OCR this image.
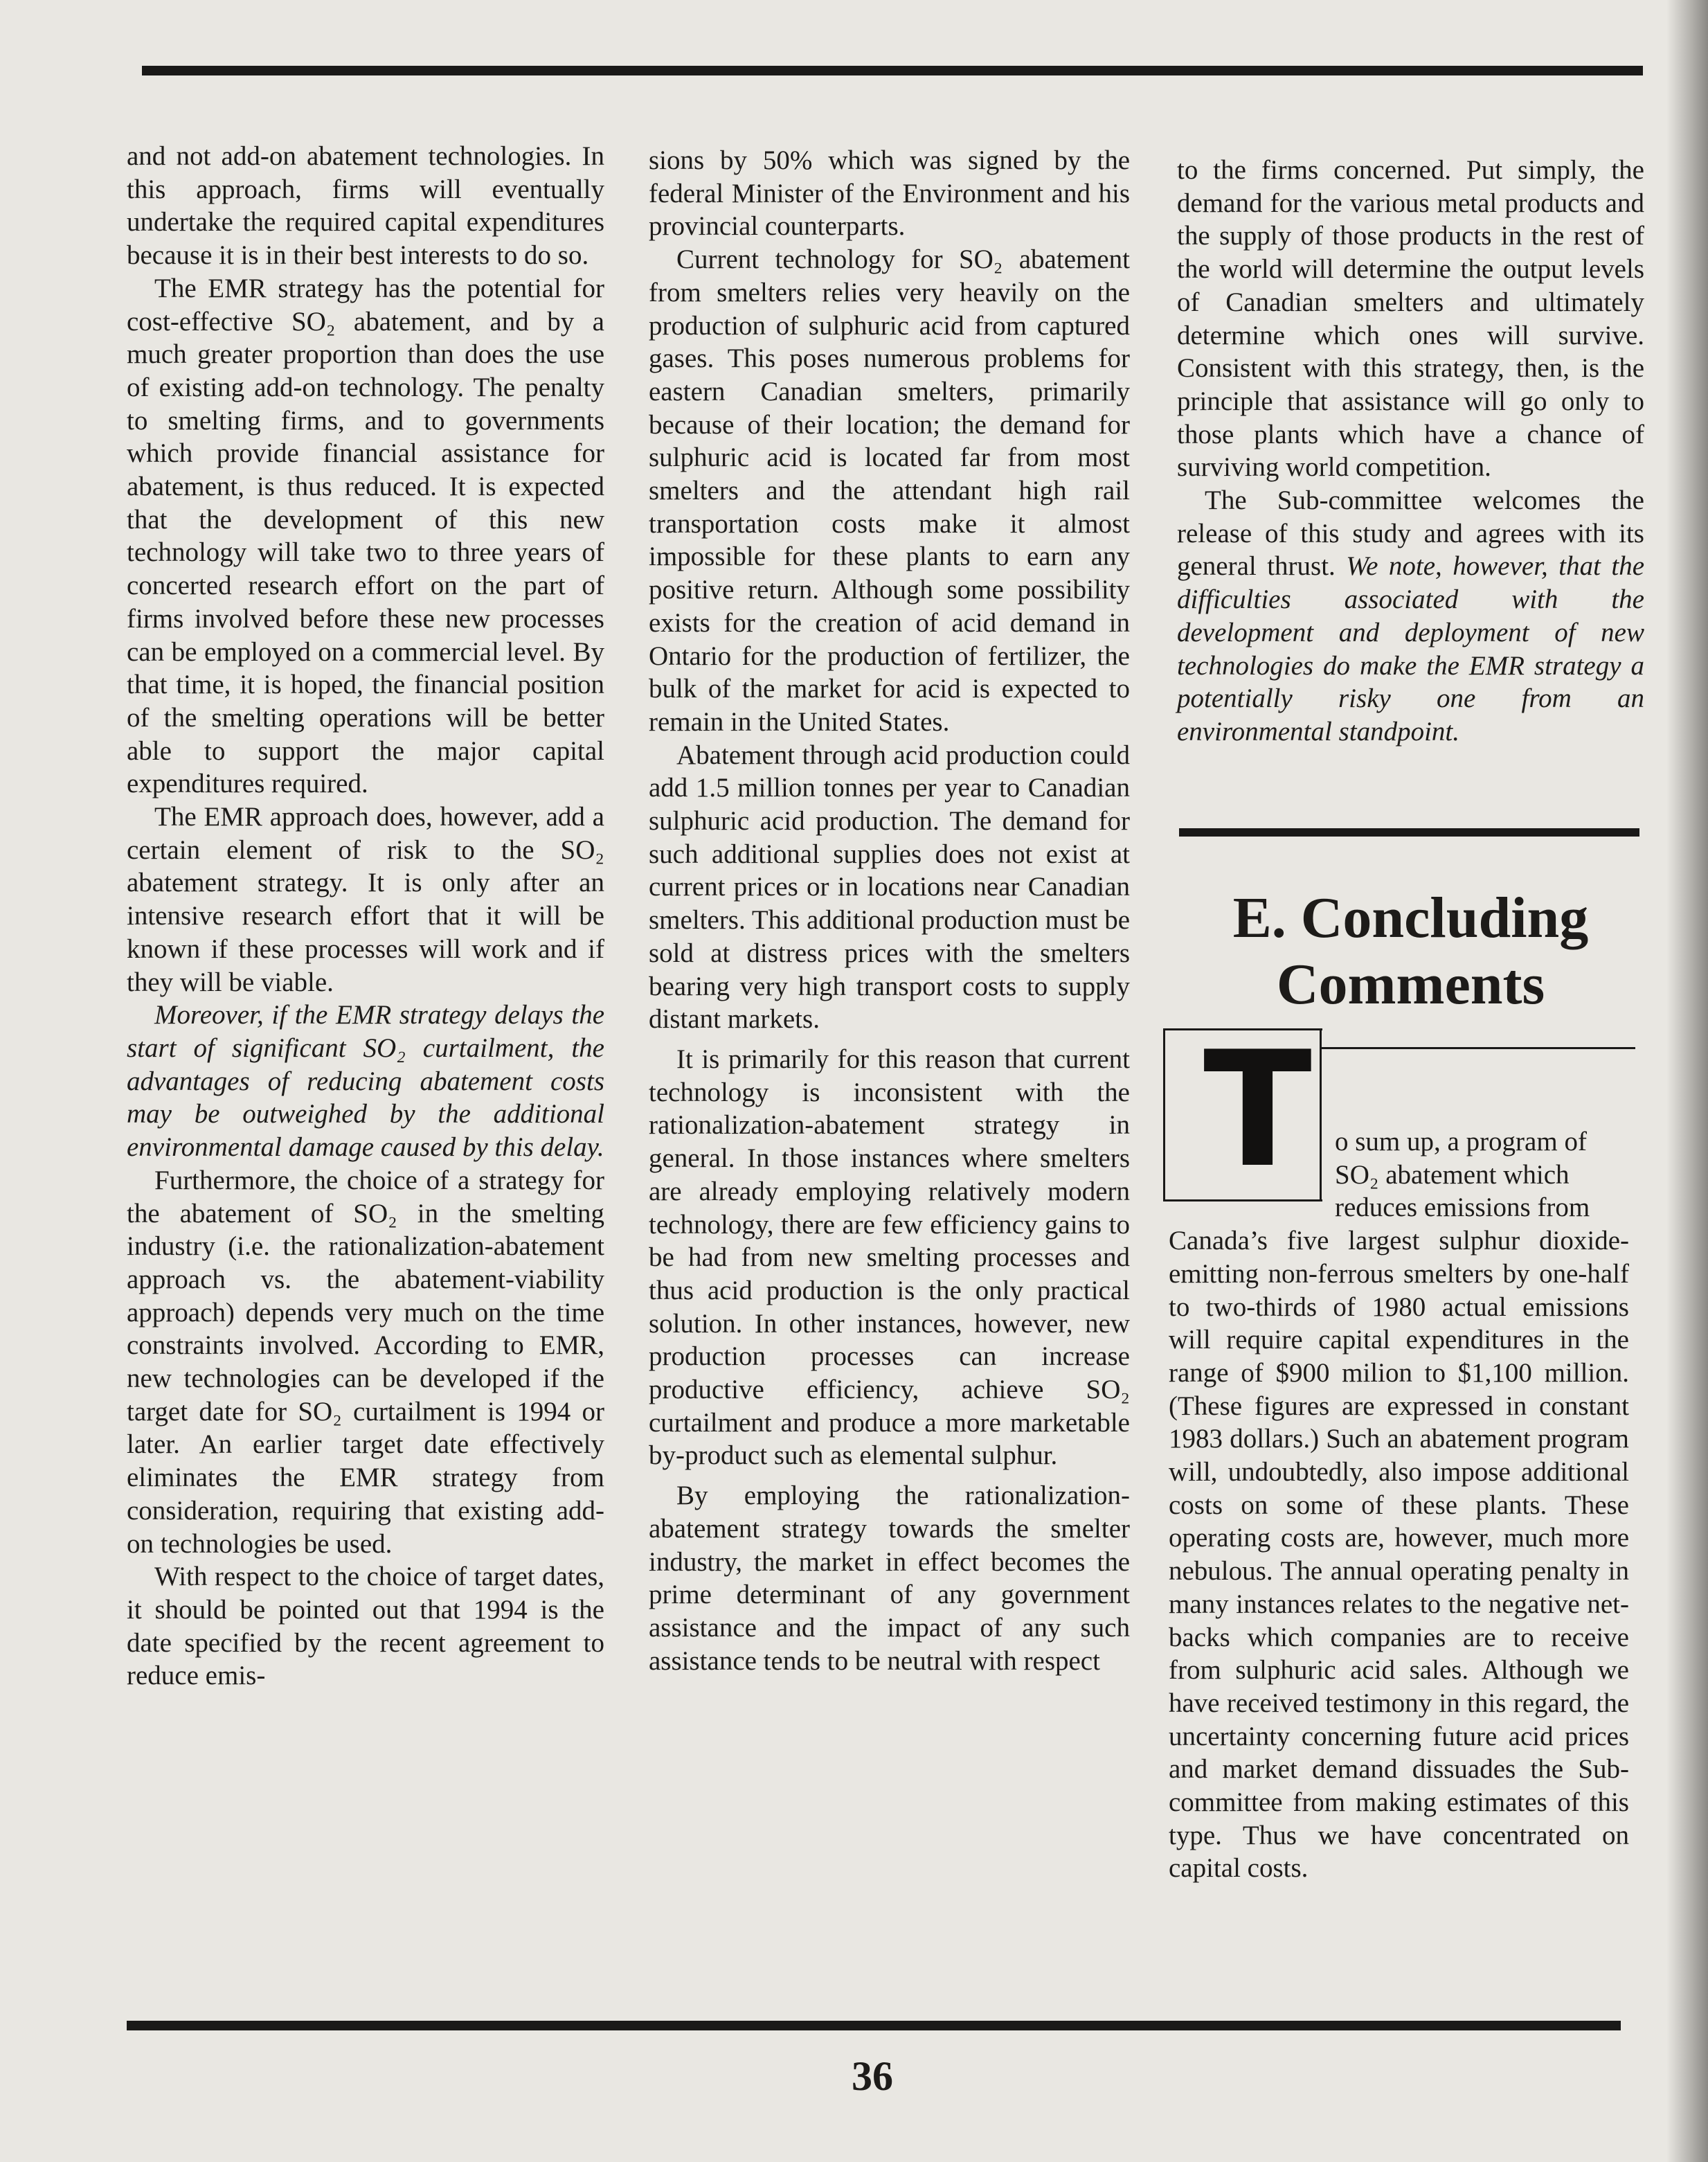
and not add-on abatement technologies. In this approach, firms will eventually undertake the required capital expenditures because it is in their best interests to do so.

The EMR strategy has the potential for cost-effective SO₂ abatement, and by a much greater proportion than does the use of existing add-on technology. The penalty to smelting firms, and to governments which provide financial assistance for abatement, is thus reduced. It is expected that the development of this new technology will take two to three years of concerted research effort on the part of firms involved before these new processes can be employed on a commercial level. By that time, it is hoped, the financial position of the smelting operations will be better able to support the major capital expenditures required.

The EMR approach does, however, add a certain element of risk to the SO₂ abatement strategy. It is only after an intensive research effort that it will be known if these processes will work and if they will be viable.

Moreover, if the EMR strategy delays the start of significant SO₂ curtailment, the advantages of reducing abatement costs may be outweighed by the additional environmental damage caused by this delay.

Furthermore, the choice of a strategy for the abatement of SO₂ in the smelting industry (i.e. the rationalization-abatement approach vs. the abatement-viability approach) depends very much on the time constraints involved. According to EMR, new technologies can be developed if the target date for SO₂ curtailment is 1994 or later. An earlier target date effectively eliminates the EMR strategy from consideration, requiring that existing add-on technologies be used.

With respect to the choice of target dates, it should be pointed out that 1994 is the date specified by the recent agreement to reduce emis-

sions by 50% which was signed by the federal Minister of the Environment and his provincial counterparts.

Current technology for SO₂ abatement from smelters relies very heavily on the production of sulphuric acid from captured gases. This poses numerous problems for eastern Canadian smelters, primarily because of their location; the demand for sulphuric acid is located far from most smelters and the attendant high rail transportation costs make it almost impossible for these plants to earn any positive return. Although some possibility exists for the creation of acid demand in Ontario for the production of fertilizer, the bulk of the market for acid is expected to remain in the United States.

Abatement through acid production could add 1.5 million tonnes per year to Canadian sulphuric acid production. The demand for such additional supplies does not exist at current prices or in locations near Canadian smelters. This additional production must be sold at distress prices with the smelters bearing very high transport costs to supply distant markets.

It is primarily for this reason that current technology is inconsistent with the rationalization-abatement strategy in general. In those instances where smelters are already employing relatively modern technology, there are few efficiency gains to be had from new smelting processes and thus acid production is the only practical solution. In other instances, however, new production processes can increase productive efficiency, achieve SO₂ curtailment and produce a more marketable by-product such as elemental sulphur.

By employing the rationalization-abatement strategy towards the smelter industry, the market in effect becomes the prime determinant of any government assistance and the impact of any such assistance tends to be neutral with respect

to the firms concerned. Put simply, the demand for the various metal products and the supply of those products in the rest of the world will determine the output levels of Canadian smelters and ultimately determine which ones will survive. Consistent with this strategy, then, is the principle that assistance will go only to those plants which have a chance of surviving world competition.

The Sub-committee welcomes the release of this study and agrees with its general thrust. We note, however, that the difficulties associated with the development and deployment of new technologies do make the EMR strategy a potentially risky one from an environmental standpoint.

E. Concluding
Comments
T o sum up, a program of
SO₂ abatement which
reduces emissions from

Canada’s five largest sulphur dioxide-emitting non-ferrous smelters by one-half to two-thirds of 1980 actual emissions will require capital expenditures in the range of $900 milion to $1,100 million. (These figures are expressed in constant 1983 dollars.) Such an abatement program will, undoubtedly, also impose additional costs on some of these plants. These operating costs are, however, much more nebulous. The annual operating penalty in many instances relates to the negative net-backs which companies are to receive from sulphuric acid sales. Although we have received testimony in this regard, the uncertainty concerning future acid prices and market demand dissuades the Sub-committee from making estimates of this type. Thus we have concentrated on capital costs.

36
